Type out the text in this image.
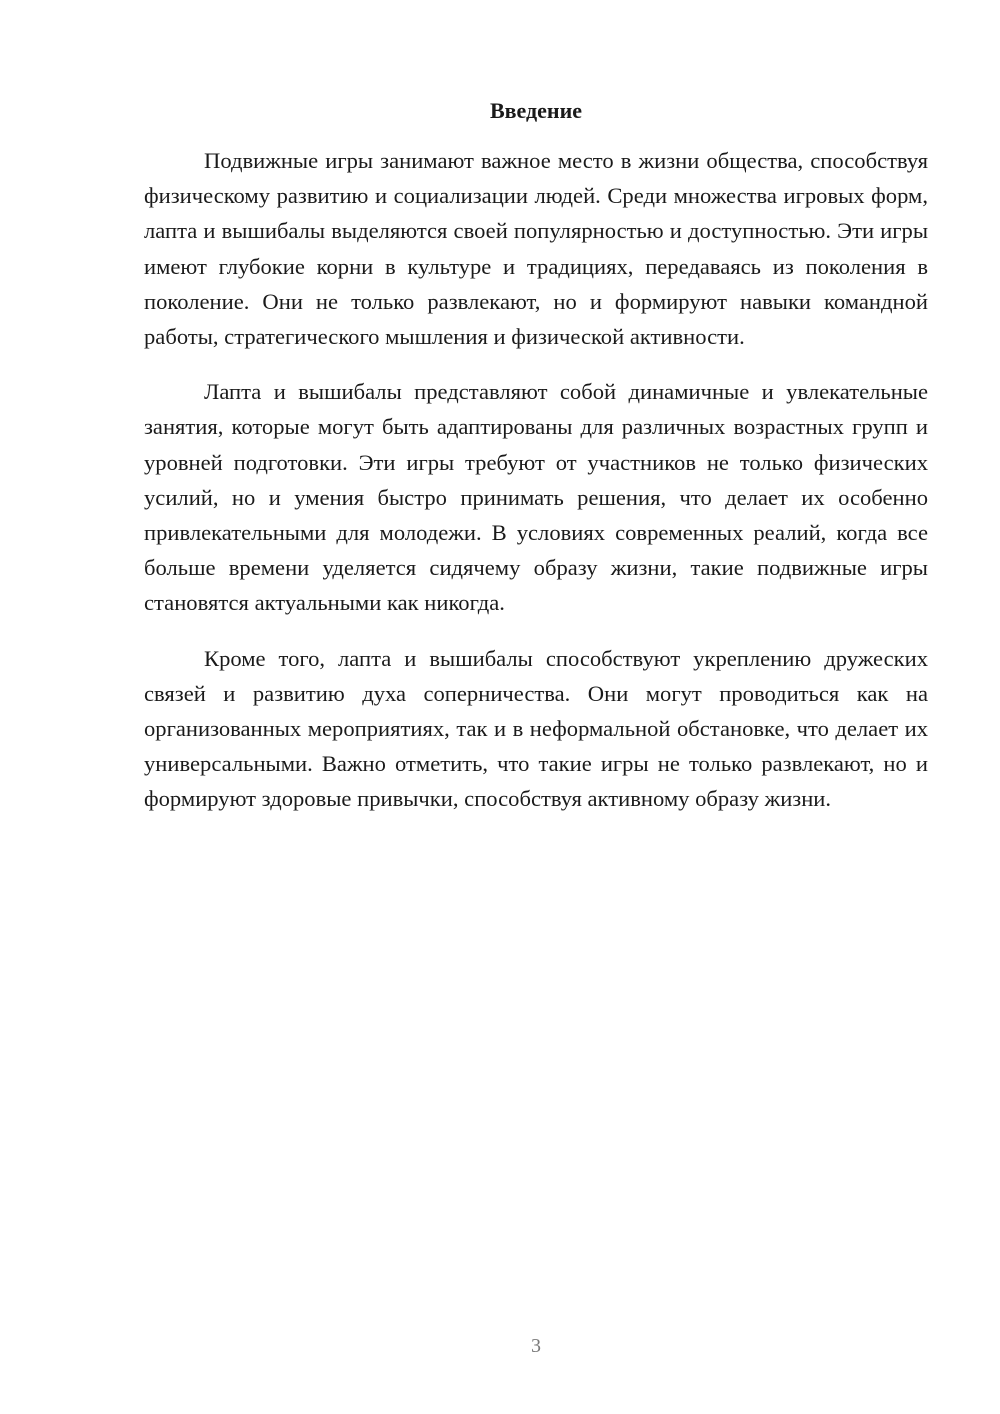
Введение

Подвижные игры занимают важное место в жизни общества, способствуя физическому развитию и социализации людей. Среди множества игровых форм, лапта и вышибалы выделяются своей популярностью и доступностью. Эти игры имеют глубокие корни в культуре и традициях, передаваясь из поколения в поколение. Они не только развлекают, но и формируют навыки командной работы, стратегического мышления и физической активности.

Лапта и вышибалы представляют собой динамичные и увлекательные занятия, которые могут быть адаптированы для различных возрастных групп и уровней подготовки. Эти игры требуют от участников не только физических усилий, но и умения быстро принимать решения, что делает их особенно привлекательными для молодежи. В условиях современных реалий, когда все больше времени уделяется сидячему образу жизни, такие подвижные игры становятся актуальными как никогда.

Кроме того, лапта и вышибалы способствуют укреплению дружеских связей и развитию духа соперничества. Они могут проводиться как на организованных мероприятиях, так и в неформальной обстановке, что делает их универсальными. Важно отметить, что такие игры не только развлекают, но и формируют здоровые привычки, способствуя активному образу жизни.

3
